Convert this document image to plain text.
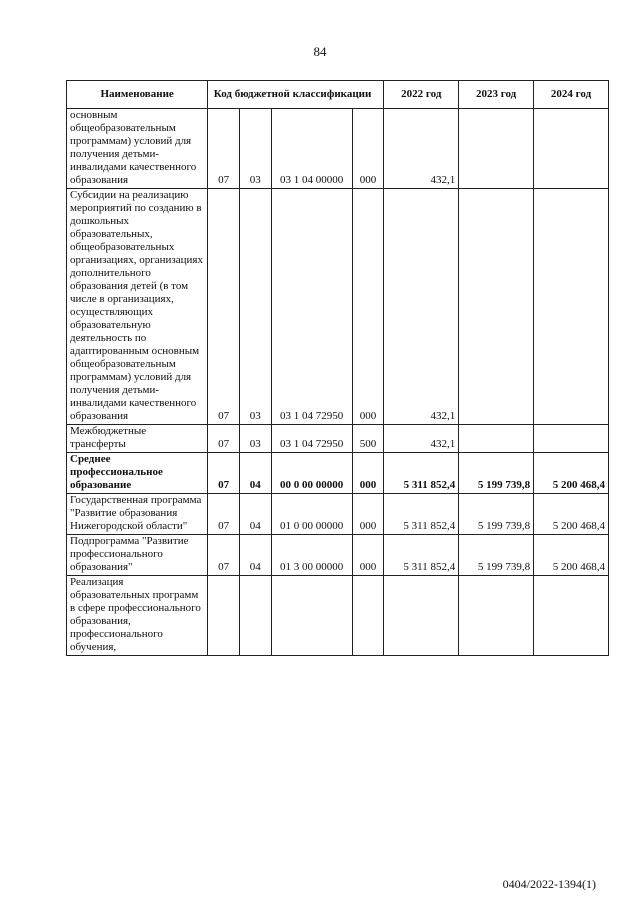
84
Наименование	Код бюджетной классификации				2022 год	2023 год	2024 год
основным общеобразовательным программам) условий для получения детьми-инвалидами качественного образования	07	03	03 1 04 00000	000	432,1		
Субсидии на реализацию мероприятий по созданию в дошкольных образовательных, общеобразовательных организациях, организациях дополнительного образования детей (в том числе в организациях, осуществляющих образовательную деятельность по адаптированным основным общеобразовательным программам) условий для получения детьми-инвалидами качественного образования	07	03	03 1 04 72950	000	432,1		
Межбюджетные трансферты	07	03	03 1 04 72950	500	432,1		
Среднее профессиональное образование	07	04	00 0 00 00000	000	5 311 852,4	5 199 739,8	5 200 468,4
Государственная программа "Развитие образования Нижегородской области"	07	04	01 0 00 00000	000	5 311 852,4	5 199 739,8	5 200 468,4
Подпрограмма "Развитие профессионального образования"	07	04	01 3 00 00000	000	5 311 852,4	5 199 739,8	5 200 468,4
Реализация образовательных программ в сфере профессионального образования, профессионального обучения,							
0404/2022-1394(1)
